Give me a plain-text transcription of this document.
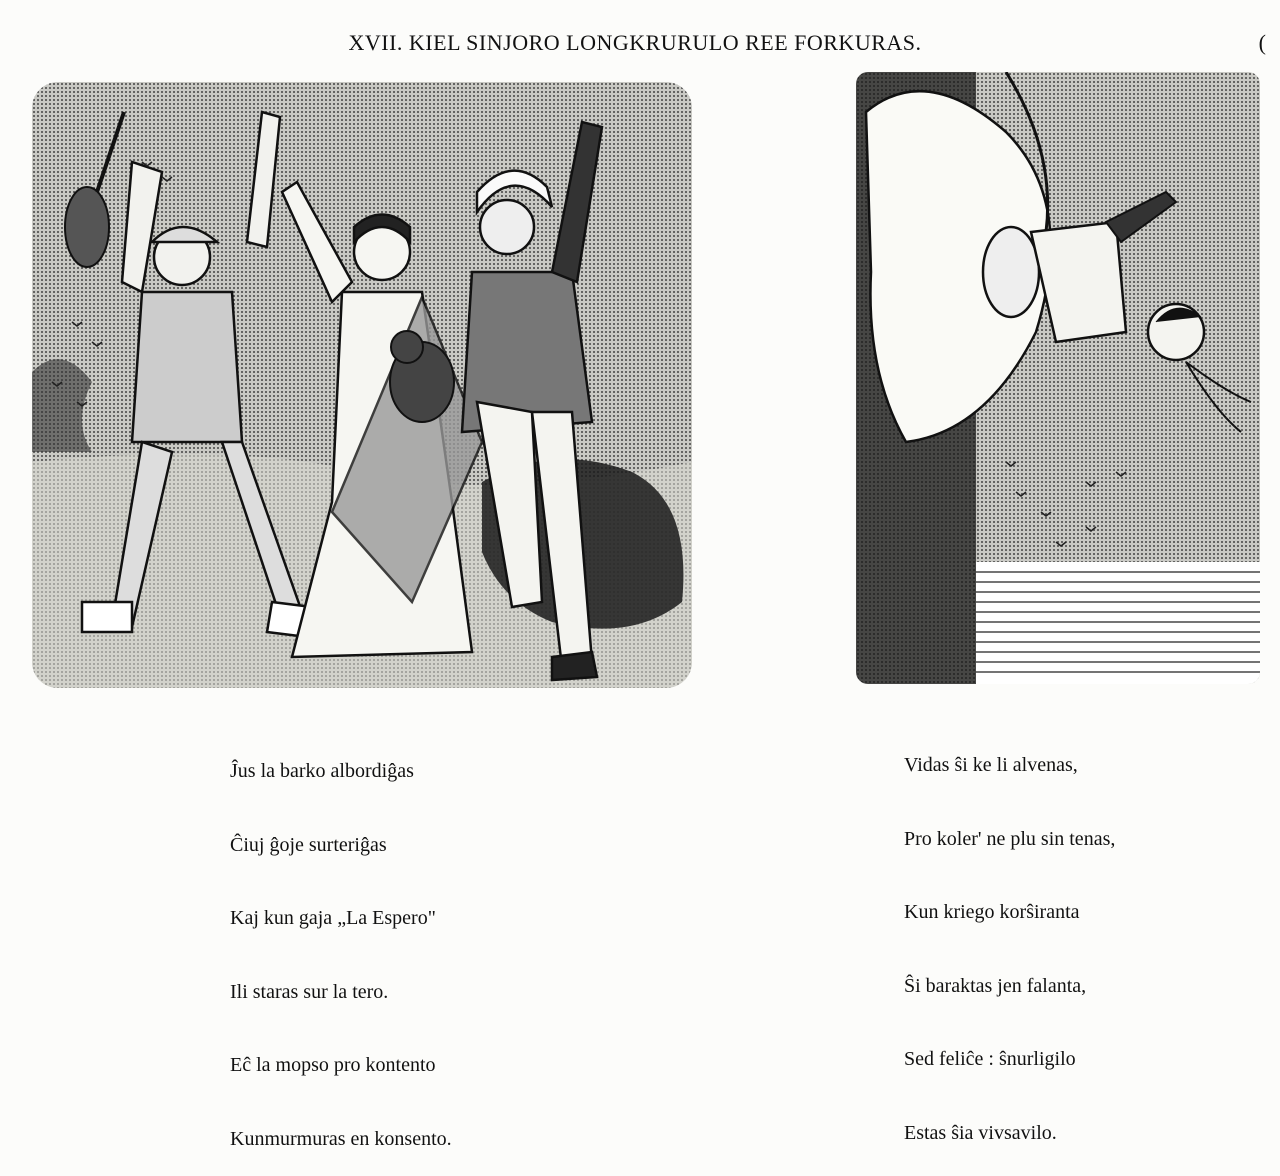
XVII. KIEL SINJORO LONGKRURULO REE FORKURAS.	(

Ĵus la barko albordiĝas

Ĉiuj ĝoje surteriĝas

Kaj kun gaja „La Espero"

Ili staras sur la tero.

Eĉ la mopso pro kontento

Kunmurmuras en konsento.

Vidas ŝi ke li alvenas,

Pro koler' ne plu sin tenas,

Kun kriego korŝiranta

Ŝi baraktas jen falanta,

Sed feliĉe : ŝnurligilo

Estas ŝia vivsavilo.
